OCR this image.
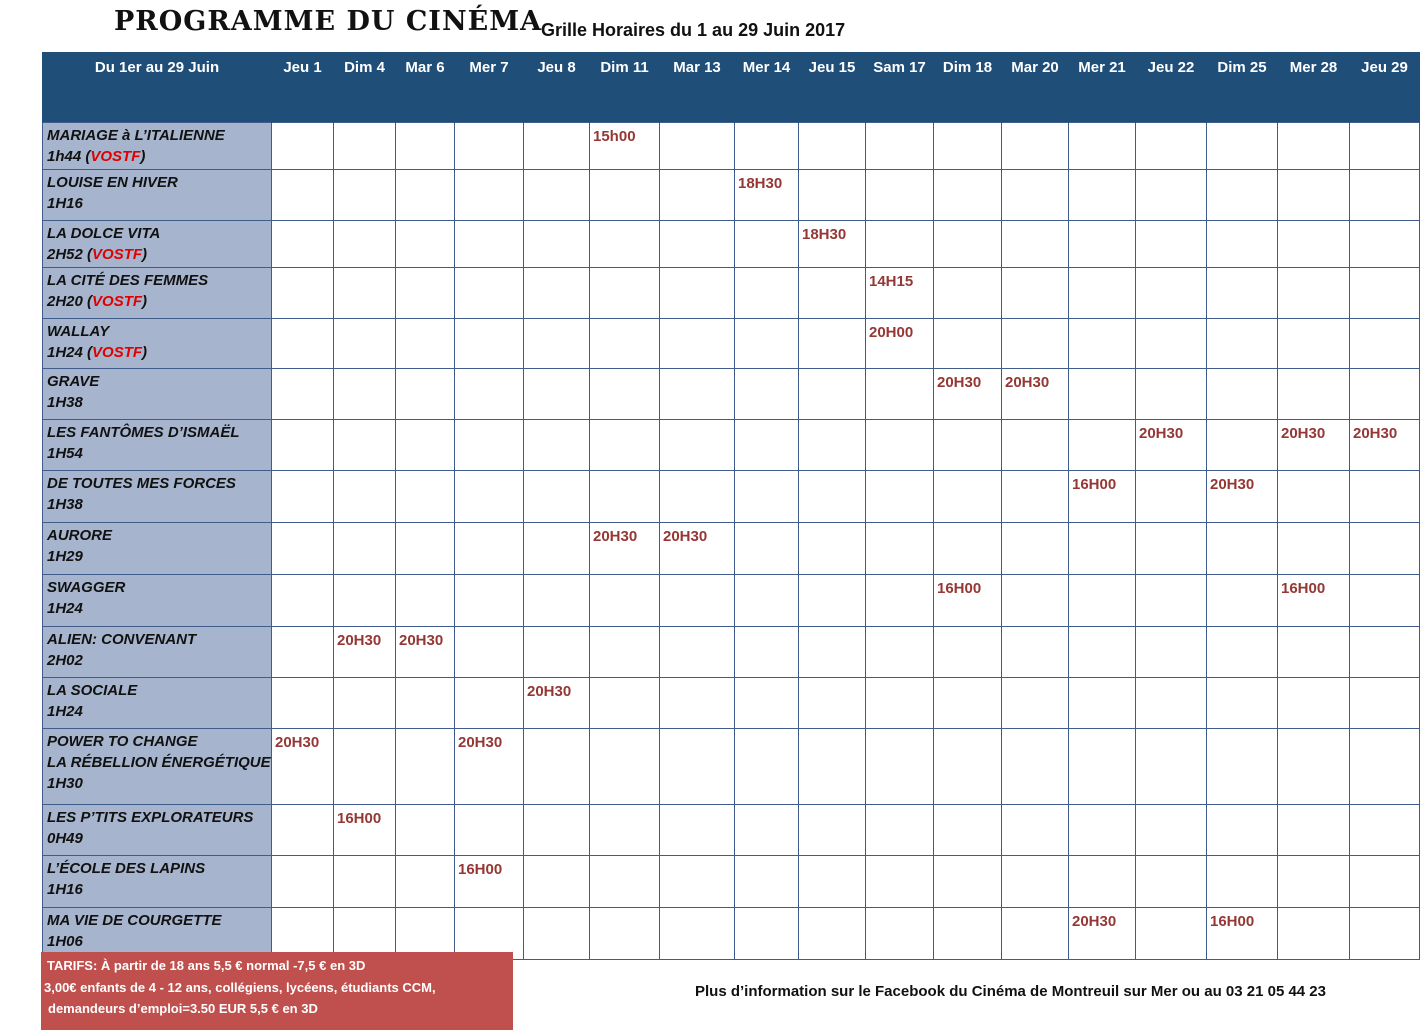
PROGRAMME DU CINÉMA
Grille Horaires du 1 au 29 Juin 2017
Du 1er au 29 Juin	Jeu 1	Dim 4	Mar 6	Mer 7	Jeu 8	Dim 11	Mar 13	Mer 14	Jeu 15	Sam 17	Dim 18	Mar 20	Mer 21	Jeu 22	Dim 25	Mer 28	Jeu 29

MARIAGE à L’ITALIENNE
1h44 (VOSTF)						15h00											

LOUISE EN HIVER
1H16								18H30									

LA DOLCE VITA
2H52 (VOSTF)									18H30								

LA CITÉ DES FEMMES
2H20 (VOSTF)										14H15							

WALLAY
1H24 (VOSTF)										20H00							

GRAVE
1H38											20H30	20H30					

LES FANTÔMES D’ISMAËL
1H54														20H30		20H30	20H30

DE TOUTES MES FORCES
1H38													16H00		20H30		

AURORE
1H29						20H30	20H30										

SWAGGER
1H24											16H00					16H00	

ALIEN: CONVENANT
2H02		20H30	20H30														

LA SOCIALE
1H24					20H30												

POWER TO CHANGE
LA RÉBELLION ÉNERGÉTIQUE
1H30	20H30			20H30													

LES P’TITS EXPLORATEURS
0H49		16H00															

L’ÉCOLE DES LAPINS
1H16				16H00													

MA VIE DE COURGETTE
1H06													20H30		16H00		

TARIFS: À partir de 18 ans 5,5 € normal -7,5 € en 3D
3,00€ enfants de 4 - 12 ans, collégiens, lycéens, étudiants CCM,
demandeurs d’emploi=3.50 EUR 5,5 € en 3D
Plus d’information sur le Facebook du Cinéma de Montreuil sur Mer ou au 03 21 05 44 23
